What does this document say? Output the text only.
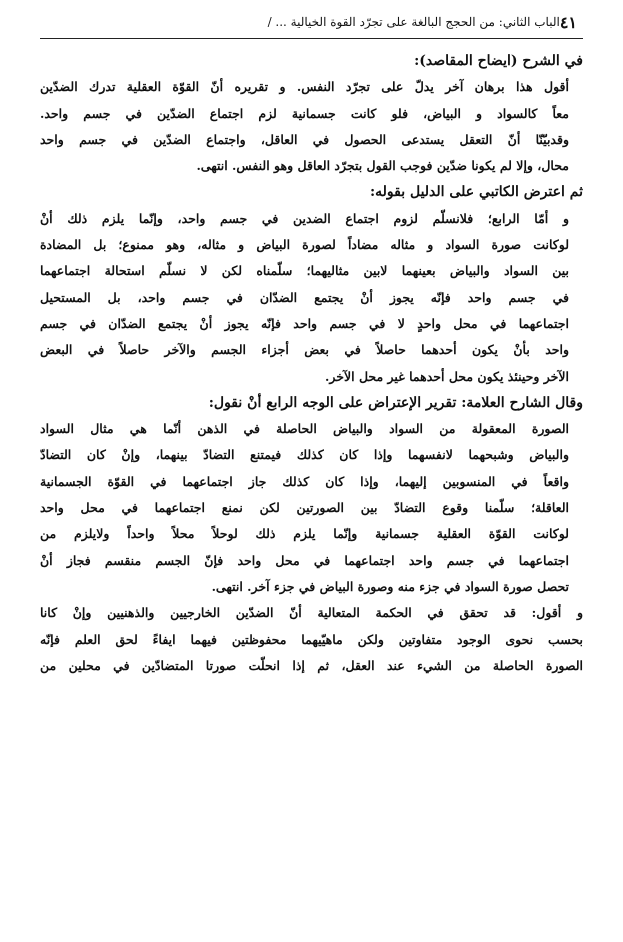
٤١
الباب الثاني: من الحجج البالغة على تجرّد القوة الخيالية ... /
في الشرح (ايضاح المقاصد):
أقول هذا برهان آخر يدلّ على تجرّد النفس. و تقريره أنّ القوّة العقلية تدرك الضدّين
معاً كالسواد و البياض، فلو كانت جسمانية لزم اجتماع الضدّين في جسم واحد.
وقدبيّنّا أنّ التعقل يستدعى الحصول في العاقل، واجتماع الضدّين في جسم واحد
محال، وإلا لم يكونا ضدّين فوجب القول بتجرّد العاقل وهو النفس. انتهى.
ثم اعترض الكاتبي على الدليل بقوله:
و أمّا الرابع؛ فلانسلّم لزوم اجتماع الضدين في جسم واحد، وإنّما يلزم ذلك أنْ
لوكانت صورة السواد و مثاله مضاداً لصورة البياض و مثاله، وهو ممنوع؛ بل المضادة
بين السواد والبياض بعينهما لابين مثاليهما؛ سلّمناه لكن لا نسلّم استحالة اجتماعهما
في جسم واحد فإنّه يجوز أنْ يجتمع الضدّان في جسم واحد، بل المستحيل
اجتماعهما في محل واحدٍ لا في جسم واحد فإنّه يجوز أنْ يجتمع الضدّان في جسم
واحد بأنْ يكون أحدهما حاصلاً في بعض أجزاء الجسم والآخر حاصلاً في البعض
الآخر وحينئذ يكون محل أحدهما غير محل الآخر.
وقال الشارح العلامة: تقرير الإعتراض على الوجه الرابع أنْ نقول:
الصورة المعقولة من السواد والبياض الحاصلة في الذهن أنّما هي مثال السواد
والبياض وشبحهما لانفسهما وإذا كان كذلك فيمتنع التضادّ بينهما، وإنْ كان التضادّ
واقعاً في المنسوبين إليهما، وإذا كان كذلك جاز اجتماعهما في القوّة الجسمانية
العاقلة؛ سلّمنا وقوع التضادّ بين الصورتين لكن نمنع اجتماعهما في محل واحد
لوكانت القوّة العقلية جسمانية وإنّما يلزم ذلك لوحلاً محلاً واحداً ولايلزم من
اجتماعهما في جسم واحد اجتماعهما في محل واحد فإنّ الجسم منقسم فجاز أنْ
تحصل صورة السواد في جزء منه وصورة البياض في جزء آخر. انتهى.
و أقول: قد تحقق في الحكمة المتعالية أنّ الضدّين الخارجيين والذهنيين وإنْ كانا
بحسب نحوى الوجود متفاوتين ولكن ماهيّيهما محفوظتين فيهما ايفاءً لحق العلم فإنّه
الصورة الحاصلة من الشيء عند العقل، ثم إذا انحلّت صورتا المتضادّين في محلين من
